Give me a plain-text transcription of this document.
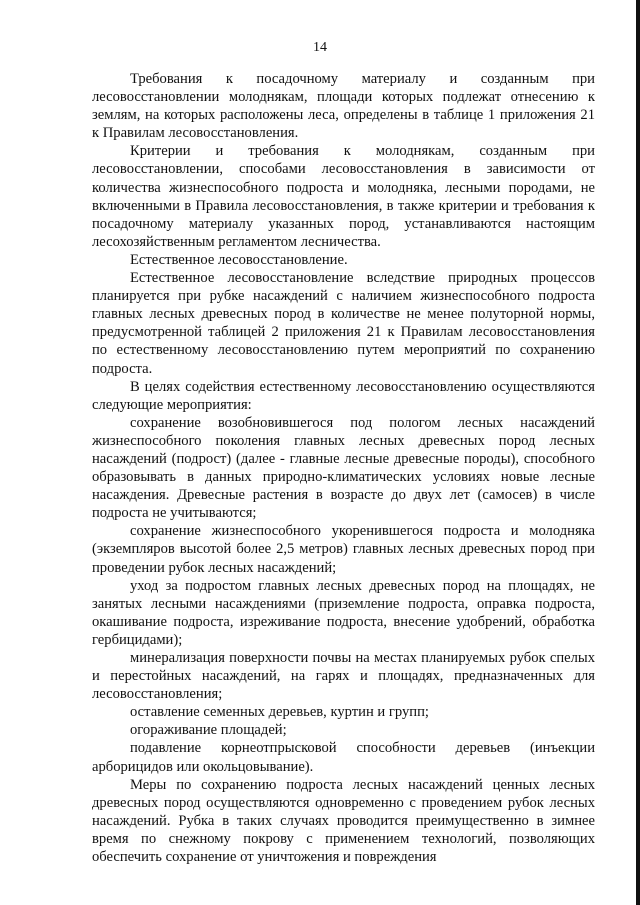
14

Требования к посадочному материалу и созданным при лесовосстановлении молоднякам, площади которых подлежат отнесению к землям, на которых расположены леса, определены в таблице 1 приложения 21 к Правилам лесовосстановления.

Критерии и требования к молоднякам, созданным при лесовосстановлении, способами лесовосстановления в зависимости от количества жизнеспособного подроста и молодняка, лесными породами, не включенными в Правила лесовосстановления, в также критерии и требования к посадочному материалу указанных пород, устанавливаются настоящим лесохозяйственным регламентом лесничества.

Естественное лесовосстановление.

Естественное лесовосстановление вследствие природных процессов планируется при рубке насаждений с наличием жизнеспособного подроста главных лесных древесных пород в количестве не менее полуторной нормы, предусмотренной таблицей 2 приложения 21 к Правилам лесовосстановления по естественному лесовосстановлению путем мероприятий по сохранению подроста.

В целях содействия естественному лесовосстановлению осуществляются следующие мероприятия:

сохранение возобновившегося под пологом лесных насаждений жизнеспособного поколения главных лесных древесных пород лесных насаждений (подрост) (далее - главные лесные древесные породы), способного образовывать в данных природно-климатических условиях новые лесные насаждения. Древесные растения в возрасте до двух лет (самосев) в числе подроста не учитываются;

сохранение жизнеспособного укоренившегося подроста и молодняка (экземпляров высотой более 2,5 метров) главных лесных древесных пород при проведении рубок лесных насаждений;

уход за подростом главных лесных древесных пород на площадях, не занятых лесными насаждениями (приземление подроста, оправка подроста, окашивание подроста, изреживание подроста, внесение удобрений, обработка гербицидами);

минерализация поверхности почвы на местах планируемых рубок спелых и перестойных насаждений, на гарях и площадях, предназначенных для лесовосстановления;

оставление семенных деревьев, куртин и групп;

огораживание площадей;

подавление корнеотпрысковой способности деревьев (инъекции арборицидов или окольцовывание).

Меры по сохранению подроста лесных насаждений ценных лесных древесных пород осуществляются одновременно с проведением рубок лесных насаждений. Рубка в таких случаях проводится преимущественно в зимнее время по снежному покрову с применением технологий, позволяющих обеспечить сохранение от уничтожения и повреждения
